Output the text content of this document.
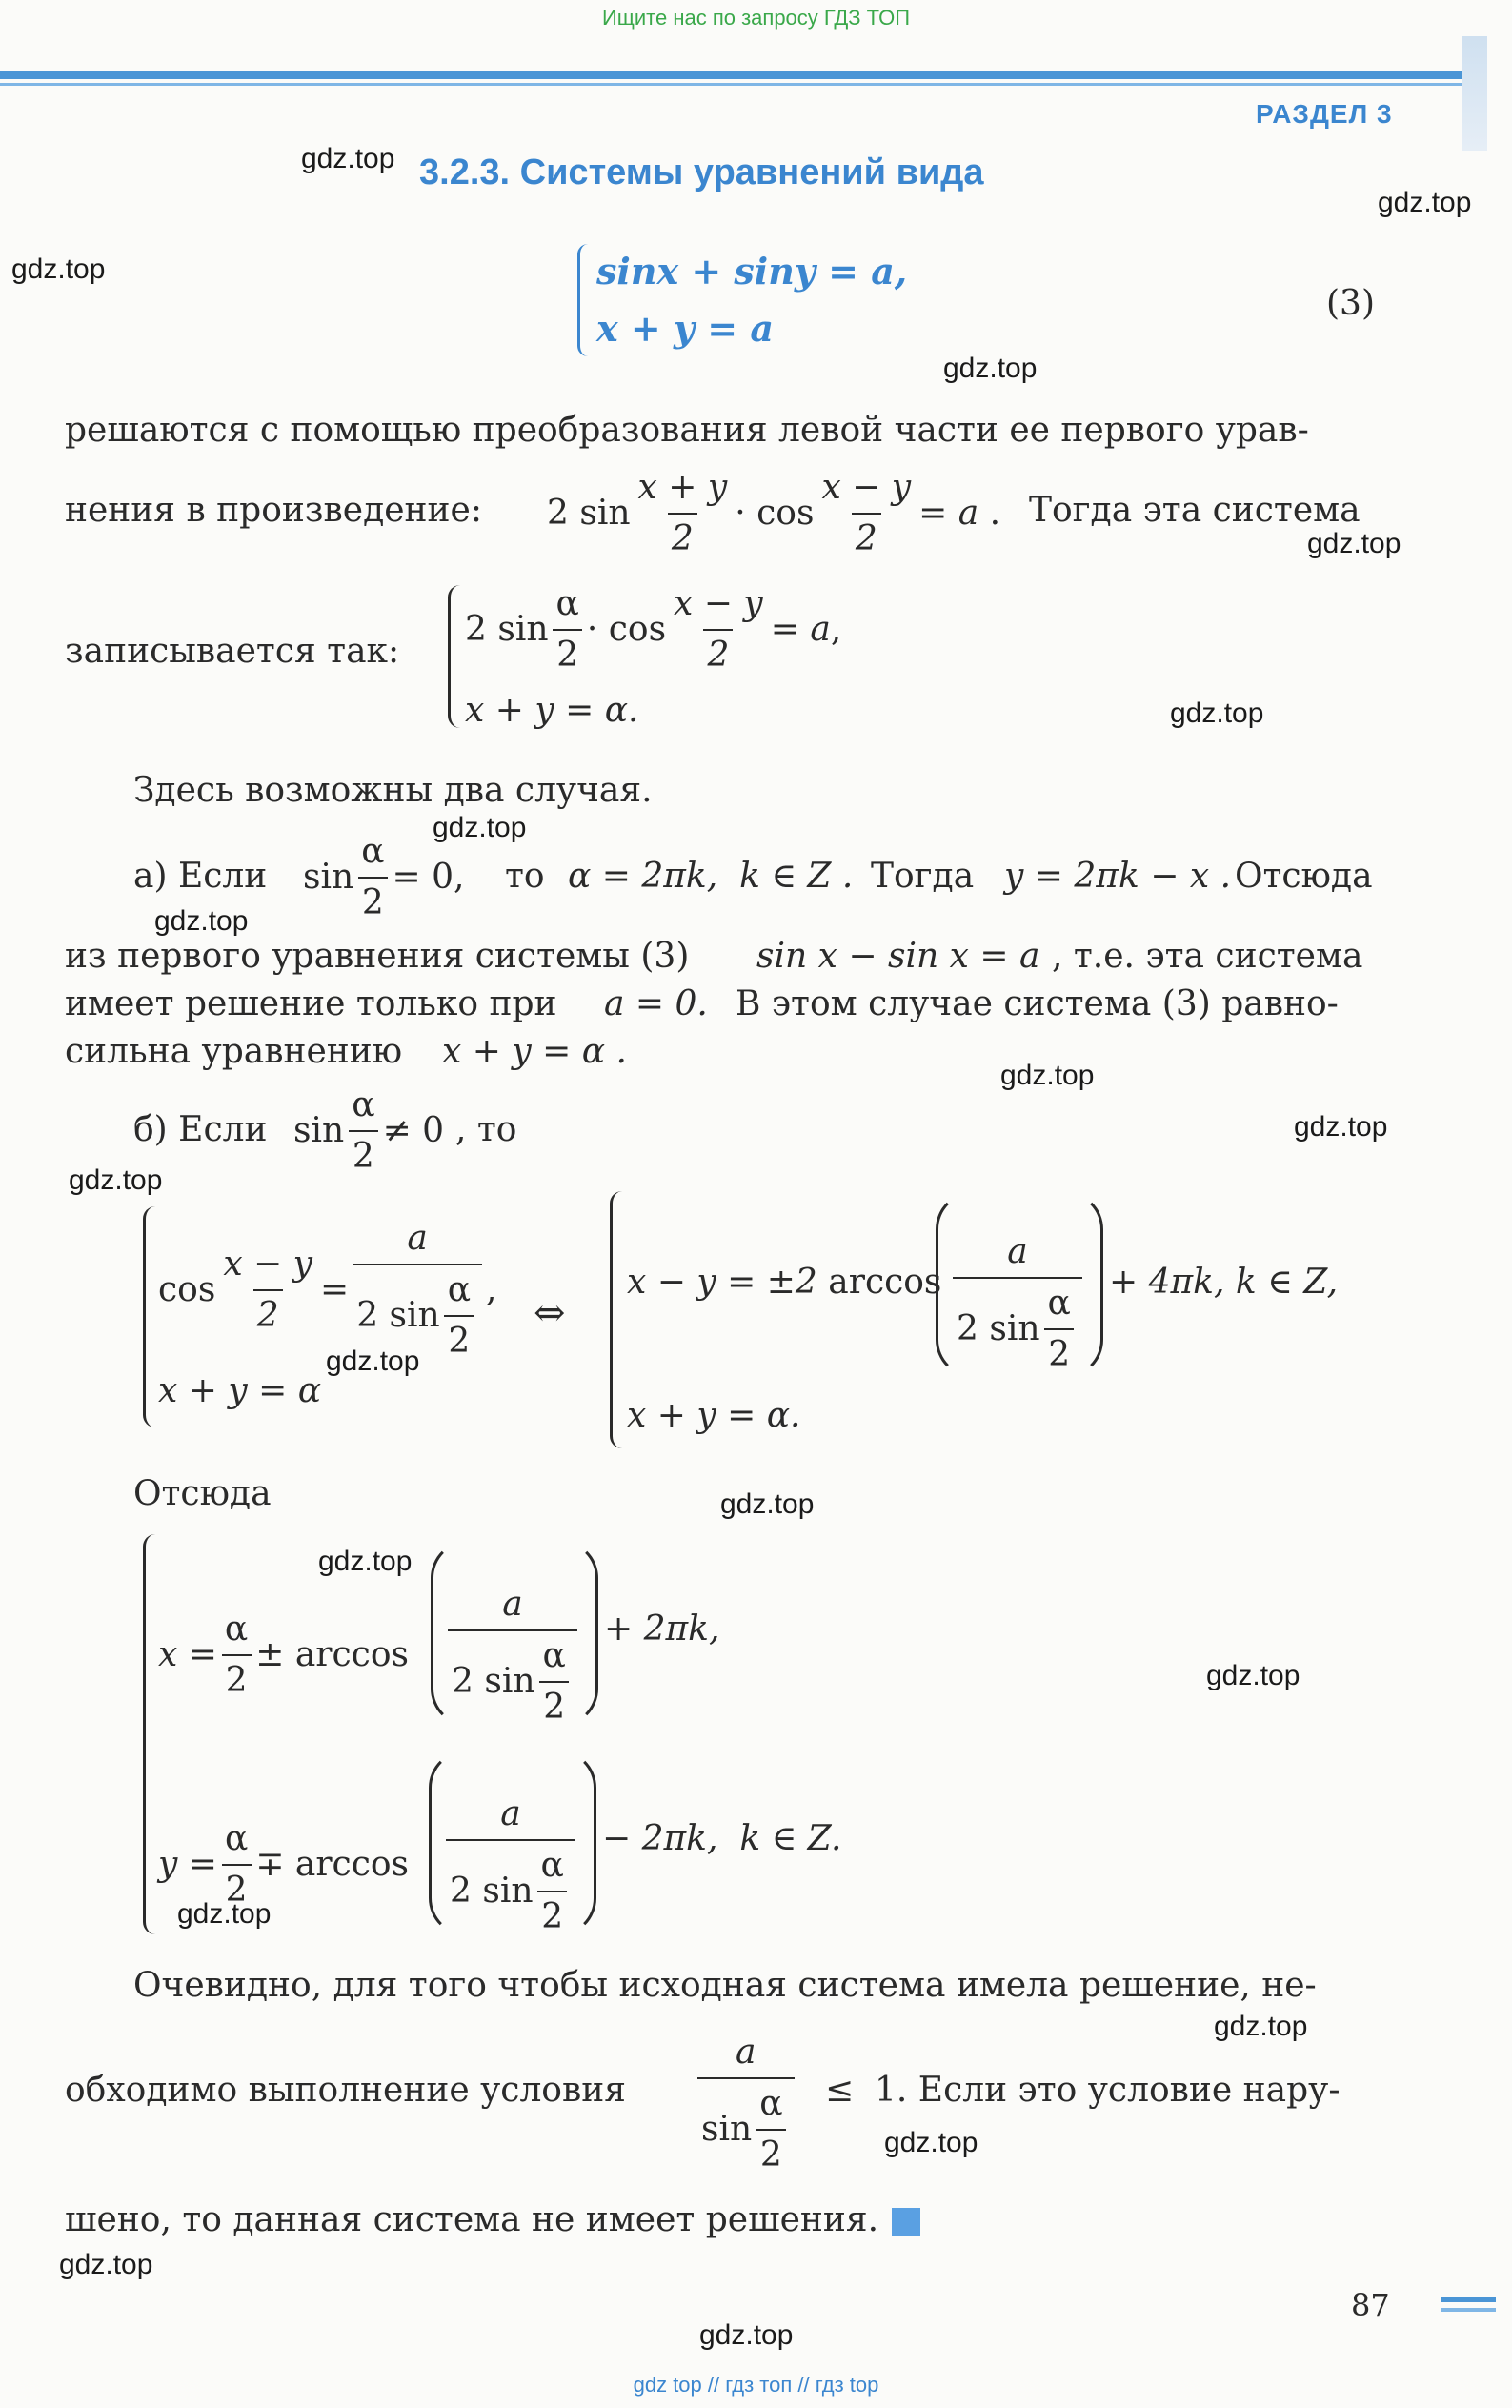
Ищите нас по запросу ГДЗ ТОП
РАЗДЕЛ 3
3.2.3. Системы уравнений вида
sinx + siny = a,
x + y = a
(3)
решаются с помощью преобразования левой части ее первого урав-
нения в произведение: 2 $\sin \frac{x + y}{2} \cdot \cos \frac{x - y}{2} = a$ . Тогда эта система
записывается так:
2 $\sin \frac{\alpha}{2} \cdot \cos \frac{x - y}{2} = a$,
x + y = α.
Здесь возможны два случая.
а) Если $\sin \frac{\alpha}{2} = 0$, то α = 2πk,  k ∈ Z . Тогда y = 2πk − x . Отсюда
из первого уравнения системы (3) sin x − sin x = a , т.е. эта система
имеет решение только при a = 0. В этом случае система (3) равно-
сильна уравнению x + y = α .
б) Если $\sin \frac{\alpha}{2} \ne 0$ , то
$\cos \frac{x - y}{2} = \frac{a}{2 \sin \frac{\alpha}{2}}$ ,
x + y = α
⇔
x − y = ±2 $\arccos \frac{a}{2 \sin \frac{\alpha}{2}} + 4\pi k$, k ∈ Z,
x + y = α.
Отсюда
$x = \frac{\alpha}{2} \pm \arccos \frac{a}{2 \sin \frac{\alpha}{2}} + 2\pi k$,
$y = \frac{\alpha}{2} \mp \arccos \frac{a}{2 \sin \frac{\alpha}{2}} - 2\pi k$,  k ∈ Z.
Очевидно, для того чтобы исходная система имела решение, не-
обходимо выполнение условия $\frac{a}{\sin \frac{\alpha}{2}} \le 1$. Если это условие нару-
шено, то данная система не имеет решения.
87
gdz.top
gdz.top
gdz.top
gdz.top
gdz.top
gdz.top
gdz.top
gdz.top
gdz.top
gdz.top
gdz.top
gdz.top
gdz.top
gdz.top
gdz.top
gdz.top
gdz.top
gdz.top
gdz.top
gdz.top
gdz top // гдз топ // гдз top
